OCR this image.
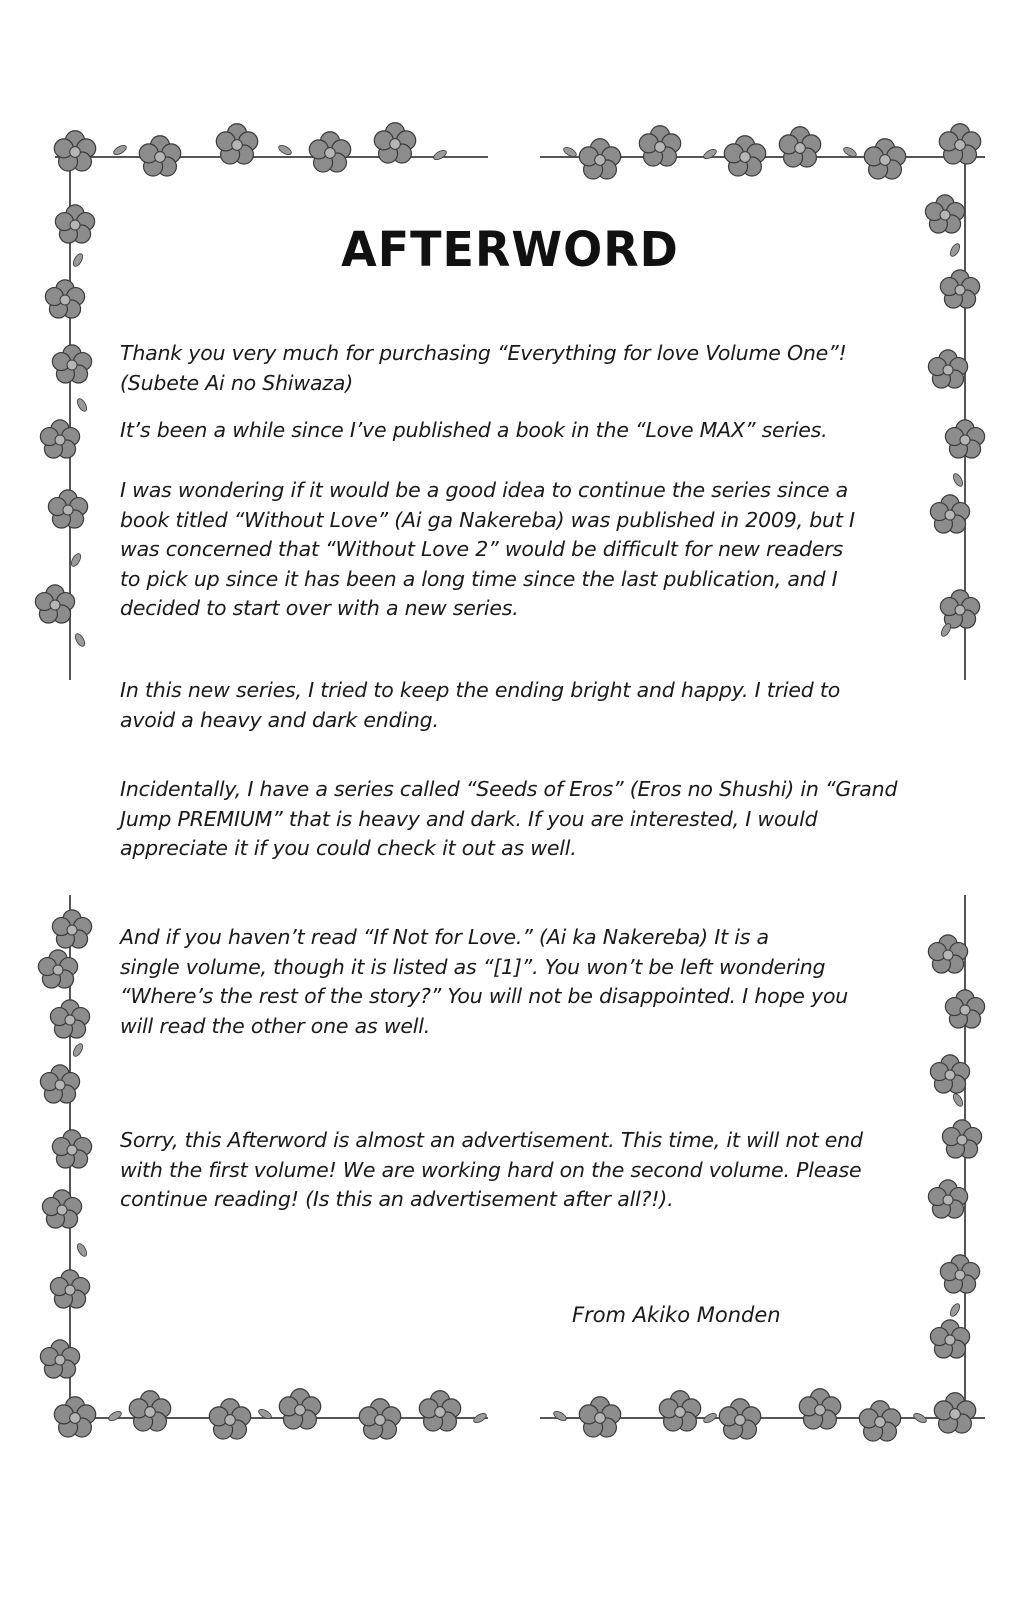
AFTERWORD
Thank you very much for purchasing “Everything for love Volume One”!
(Subete Ai no Shiwaza)
It’s been a while since I’ve published a book in the “Love MAX” series.
I was wondering if it would be a good idea to continue the series since a
book titled “Without Love” (Ai ga Nakereba) was published in 2009, but I
was concerned that “Without Love 2” would be difficult for new readers
to pick up since it has been a long time since the last publication, and I
decided to start over with a new series.
In this new series, I tried to keep the ending bright and happy. I tried to
avoid a heavy and dark ending.
Incidentally, I have a series called “Seeds of Eros” (Eros no Shushi) in “Grand
Jump PREMIUM” that is heavy and dark. If you are interested, I would
appreciate it if you could check it out as well.
And if you haven’t read “If Not for Love.” (Ai ka Nakereba) It is a
single volume, though it is listed as “[1]”. You won’t be left wondering
“Where’s the rest of the story?” You will not be disappointed. I hope you
will read the other one as well.
Sorry, this Afterword is almost an advertisement. This time, it will not end
with the first volume! We are working hard on the second volume. Please
continue reading! (Is this an advertisement after all?!).
From Akiko Monden
